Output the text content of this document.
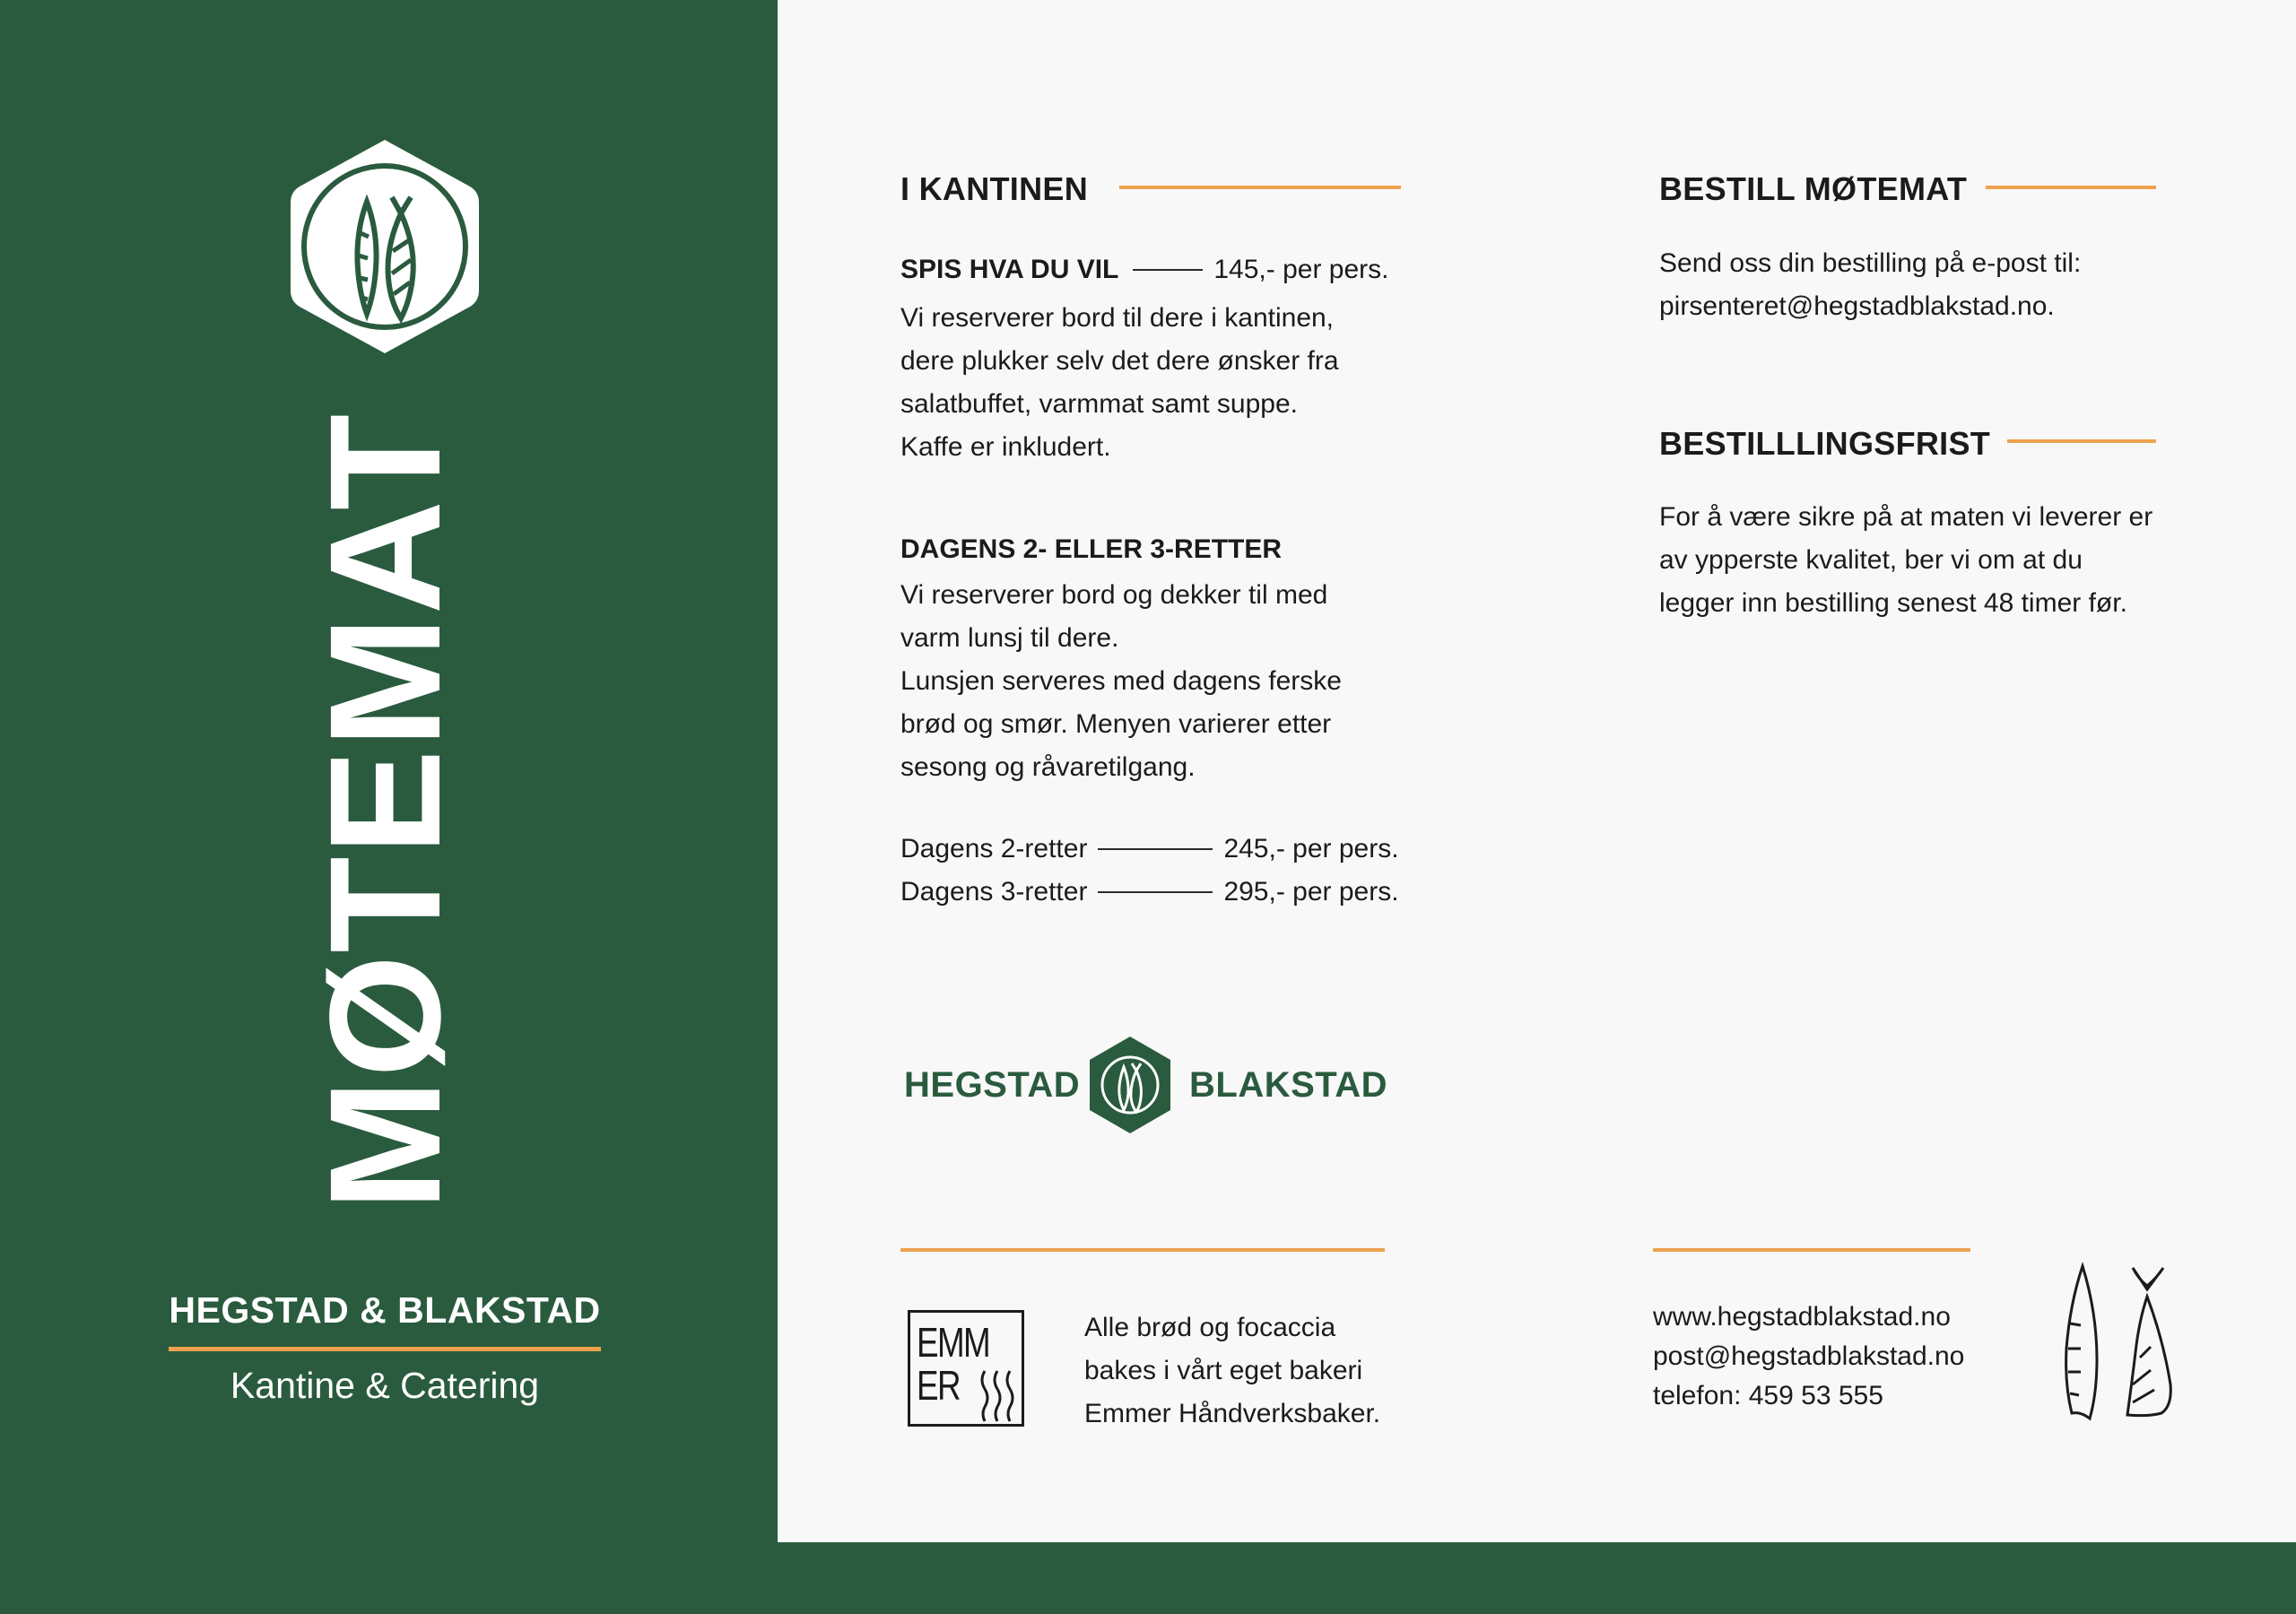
MØTEMAT
HEGSTAD & BLAKSTAD
Kantine & Catering
I KANTINEN
SPIS HVA DU VIL	145,- per pers.
Vi reserverer bord til dere i kantinen,
dere plukker selv det dere ønsker fra
salatbuffet, varmmat samt suppe.
Kaffe er inkludert.
DAGENS 2- ELLER 3-RETTER
Vi reserverer bord og dekker til med
varm lunsj til dere.
Lunsjen serveres med dagens ferske
brød og smør. Menyen varierer etter
sesong og råvaretilgang.
Dagens 2-retter	245,- per pers.
Dagens 3-retter	295,- per pers.
HEGSTAD	BLAKSTAD
BESTILL MØTEMAT
Send oss din bestilling på e-post til:
pirsenteret@hegstadblakstad.no.
BESTILLLINGSFRIST
For å være sikre på at maten vi leverer er
av ypperste kvalitet, ber vi om at du
legger inn bestilling senest 48 timer før.
EMM
ER
Alle brød og focaccia
bakes i vårt eget bakeri
Emmer Håndverksbaker.
www.hegstadblakstad.no
post@hegstadblakstad.no
telefon: 459 53 555
